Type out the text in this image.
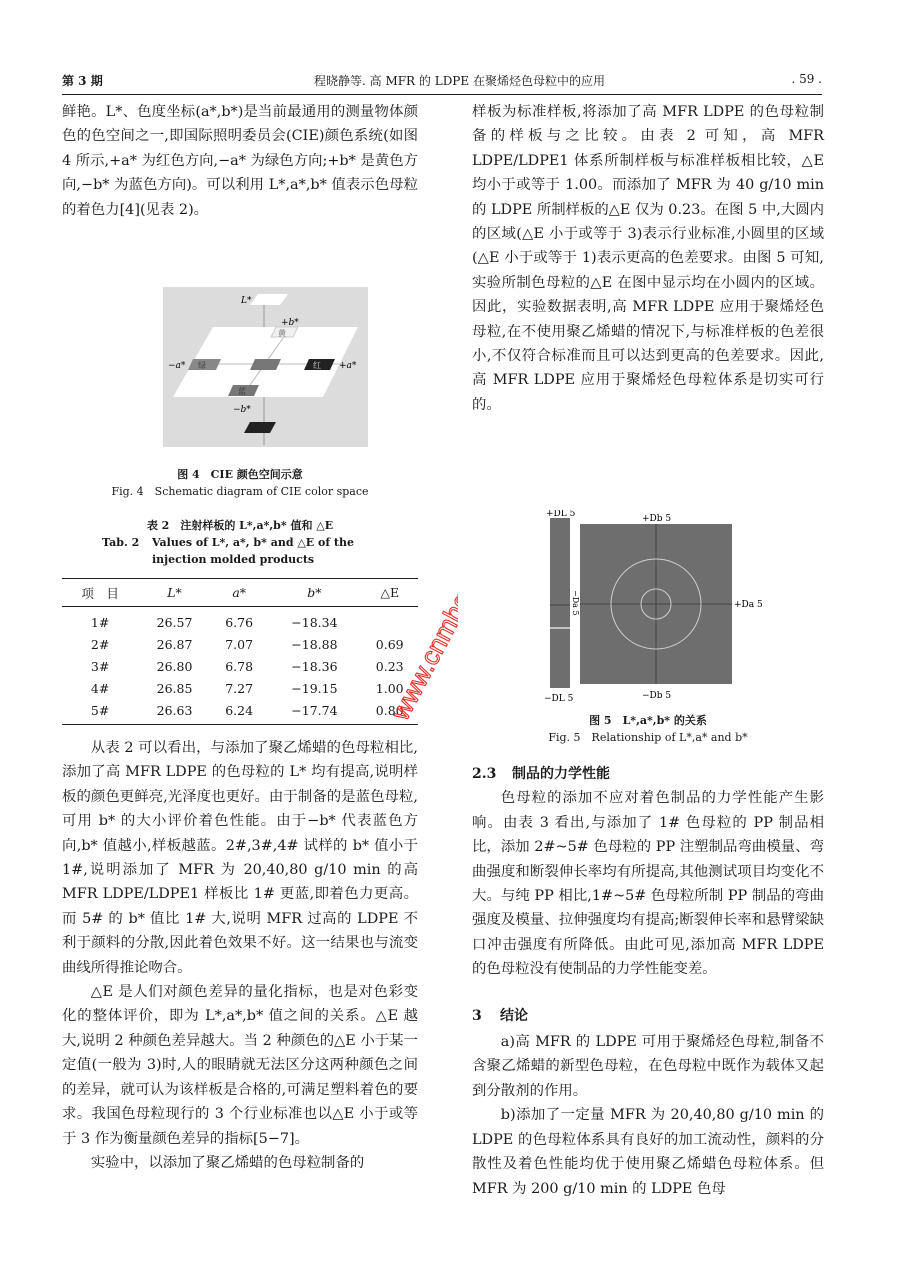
第 3 期	程晓静等. 高 MFR 的 LDPE 在聚烯烃色母粒中的应用	. 59 .

鲜艳。L*、色度坐标(a*,b*)是当前最通用的测量物体颜色的色空间之一,即国际照明委员会(CIE)颜色系统(如图 4 所示,+a* 为红色方向,−a* 为绿色方向;+b* 是黄色方向,−b* 为蓝色方向)。可以利用 L*,a*,b* 值表示色母粒的着色力[4](见表 2)。

L*
+b*
黄
−a* 绿	红 +a*
蓝
−b*
图 4　CIE 颜色空间示意
Fig. 4　Schematic diagram of CIE color space
表 2　注射样板的 L*,a*,b* 值和 △E
Tab. 2	Values of L*, a*, b* and △E of the injection molded products
项　目	L*	a*	b*	△E
1#	26.57	6.76	−18.34	
2#	26.87	7.07	−18.88	0.69
3#	26.80	6.78	−18.36	0.23
4#	26.85	7.27	−19.15	1.00
5#	26.63	6.24	−17.74	0.80

从表 2 可以看出，与添加了聚乙烯蜡的色母粒相比,添加了高 MFR LDPE 的色母粒的 L* 均有提高,说明样板的颜色更鲜亮,光泽度也更好。由于制备的是蓝色母粒,可用 b* 的大小评价着色性能。由于−b* 代表蓝色方向,b* 值越小,样板越蓝。2#,3#,4# 试样的 b* 值小于 1#,说明添加了 MFR 为 20,40,80 g/10 min 的高 MFR LDPE/LDPE1 样板比 1# 更蓝,即着色力更高。而 5# 的 b* 值比 1# 大,说明 MFR 过高的 LDPE 不利于颜料的分散,因此着色效果不好。这一结果也与流变曲线所得推论吻合。

△E 是人们对颜色差异的量化指标，也是对色彩变化的整体评价，即为 L*,a*,b* 值之间的关系。△E 越大,说明 2 种颜色差异越大。当 2 种颜色的△E 小于某一定值(一般为 3)时,人的眼睛就无法区分这两种颜色之间的差异，就可认为该样板是合格的,可满足塑料着色的要求。我国色母粒现行的 3 个行业标准也以△E 小于或等于 3 作为衡量颜色差异的指标[5−7]。

实验中，以添加了聚乙烯蜡的色母粒制备的

样板为标准样板,将添加了高 MFR LDPE 的色母粒制备的样板与之比较。由表 2 可知，高 MFR LDPE/LDPE1 体系所制样板与标准样板相比较，△E 均小于或等于 1.00。而添加了 MFR 为 40 g/10 min 的 LDPE 所制样板的△E 仅为 0.23。在图 5 中,大圆内的区域(△E 小于或等于 3)表示行业标准,小圆里的区域(△E 小于或等于 1)表示更高的色差要求。由图 5 可知,实验所制色母粒的△E 在图中显示均在小圆内的区域。因此，实验数据表明,高 MFR LDPE 应用于聚烯烃色母粒,在不使用聚乙烯蜡的情况下,与标准样板的色差很小,不仅符合标准而且可以达到更高的色差要求。因此,高 MFR LDPE 应用于聚烯烃色母粒体系是切实可行的。

+DL 5
−DL 5
+Db 5
−Db 5
−Da 5	+Da 5
图 5　L*,a*,b* 的关系
Fig. 5　Relationship of L*,a* and b*
2.3 制品的力学性能

色母粒的添加不应对着色制品的力学性能产生影响。由表 3 看出,与添加了 1# 色母粒的 PP 制品相比，添加 2#~5# 色母粒的 PP 注塑制品弯曲模量、弯曲强度和断裂伸长率均有所提高,其他测试项目均变化不大。与纯 PP 相比,1#~5# 色母粒所制 PP 制品的弯曲强度及模量、拉伸强度均有提高;断裂伸长率和悬臂梁缺口冲击强度有所降低。由此可见,添加高 MFR LDPE 的色母粒没有使制品的力学性能变差。

3 结论

a)高 MFR 的 LDPE 可用于聚烯烃色母粒,制备不含聚乙烯蜡的新型色母粒，在色母粒中既作为载体又起到分散剂的作用。

b)添加了一定量 MFR 为 20,40,80 g/10 min 的 LDPE 的色母粒体系具有良好的加工流动性，颜料的分散性及着色性能均优于使用聚乙烯蜡色母粒体系。但 MFR 为 200 g/10 min 的 LDPE 色母

www.cnmhg.com
